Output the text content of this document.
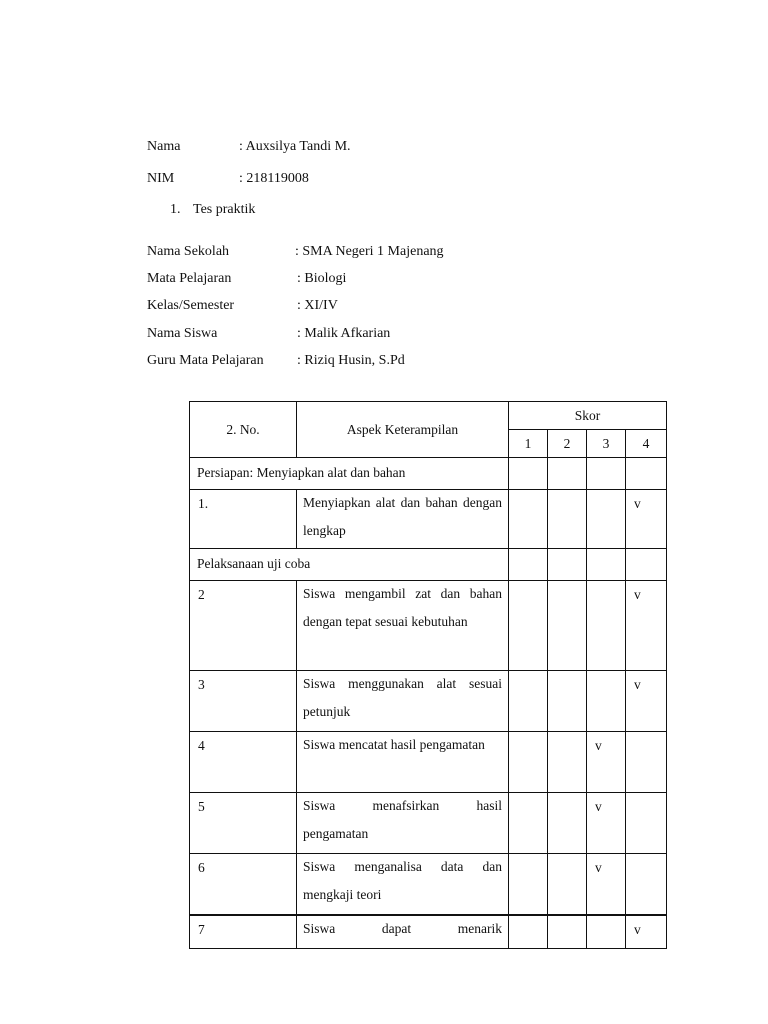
Nama	: Auxsilya Tandi M.
NIM	: 218119008
1. Tes praktik
Nama Sekolah	: SMA Negeri 1 Majenang
Mata Pelajaran	: Biologi
Kelas/Semester	: XI/IV
Nama Siswa	: Malik Afkarian
Guru Mata Pelajaran : Riziq Husin, S.Pd
2. No.	Aspek Keterampilan	Skor			
		1	2	3	4
Persiapan: Menyiapkan alat dan bahan					
1.	Menyiapkan alat dan bahan dengan lengkap				v
Pelaksanaan uji coba					
2	Siswa mengambil zat dan bahan dengan tepat sesuai kebutuhan				v
3	Siswa menggunakan alat sesuai petunjuk				v
4	Siswa mencatat hasil pengamatan			v	
5	Siswa menafsirkan hasil pengamatan			v	
6	Siswa menganalisa data dan mengkaji teori			v	
7	Siswa dapat menarik				v
